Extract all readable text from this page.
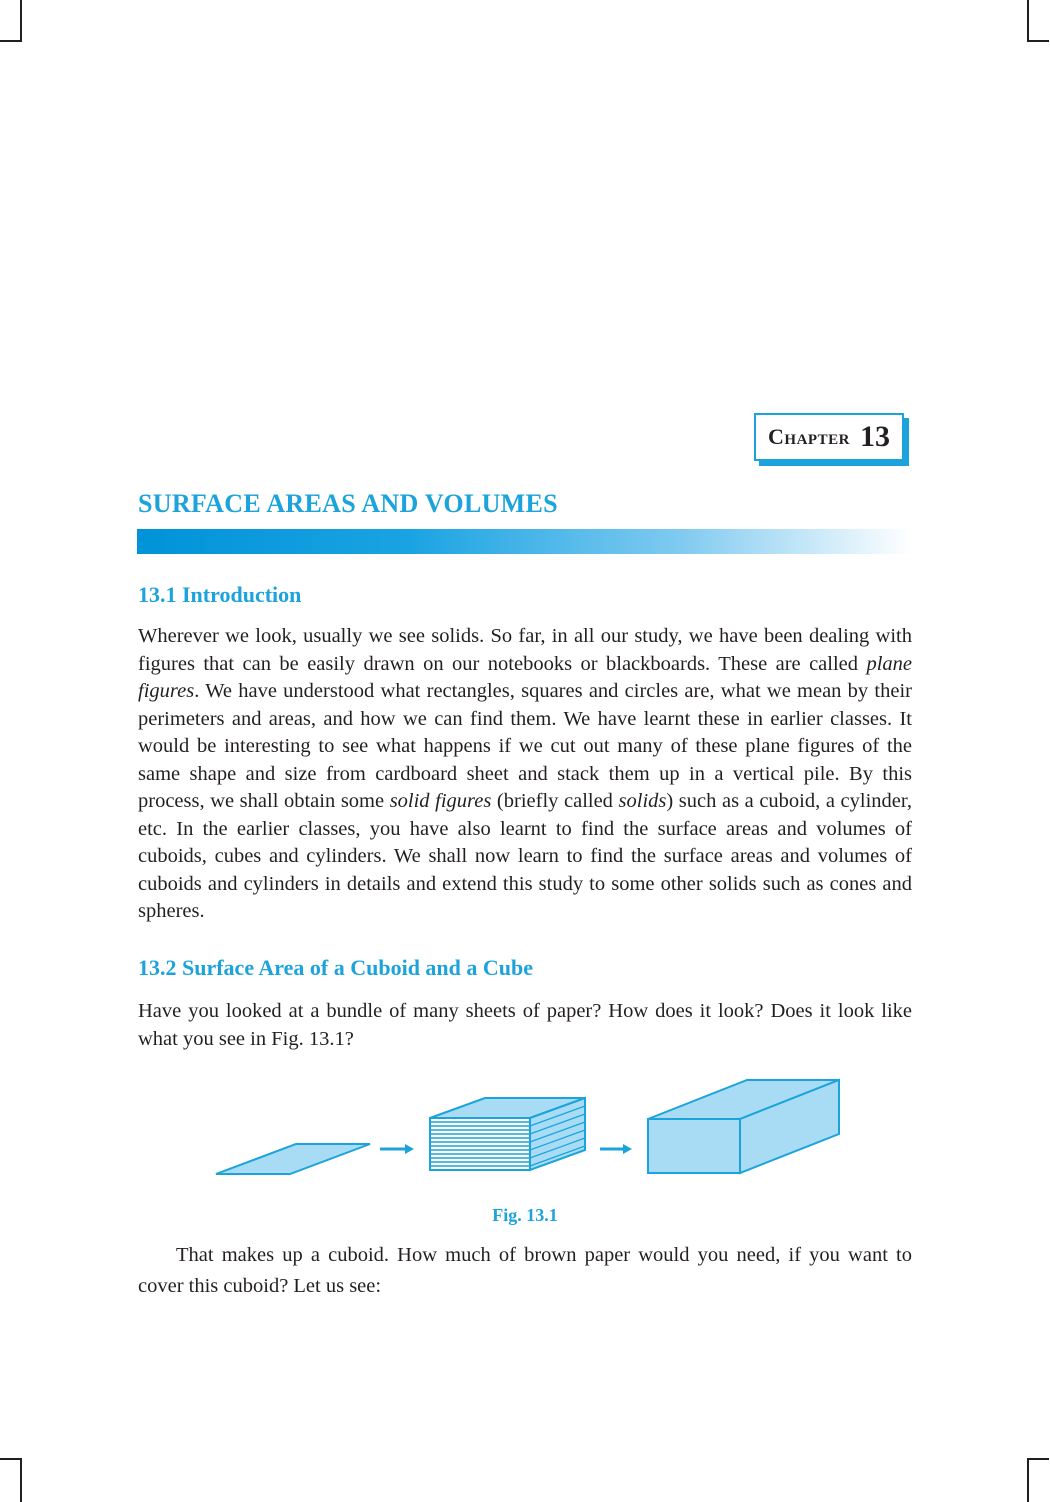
Chapter 13
SURFACE AREAS AND VOLUMES
13.1 Introduction

Wherever we look, usually we see solids. So far, in all our study, we have been dealing with figures that can be easily drawn on our notebooks or blackboards. These are called plane figures. We have understood what rectangles, squares and circles are, what we mean by their perimeters and areas, and how we can find them. We have learnt these in earlier classes. It would be interesting to see what happens if we cut out many of these plane figures of the same shape and size from cardboard sheet and stack them up in a vertical pile. By this process, we shall obtain some solid figures (briefly called solids) such as a cuboid, a cylinder, etc. In the earlier classes, you have also learnt to find the surface areas and volumes of cuboids, cubes and cylinders. We shall now learn to find the surface areas and volumes of cuboids and cylinders in details and extend this study to some other solids such as cones and spheres.

13.2 Surface Area of a Cuboid and a Cube

Have you looked at a bundle of many sheets of paper? How does it look? Does it look like what you see in Fig. 13.1?

Fig. 13.1

That makes up a cuboid. How much of brown paper would you need, if you want to cover this cuboid? Let us see:
